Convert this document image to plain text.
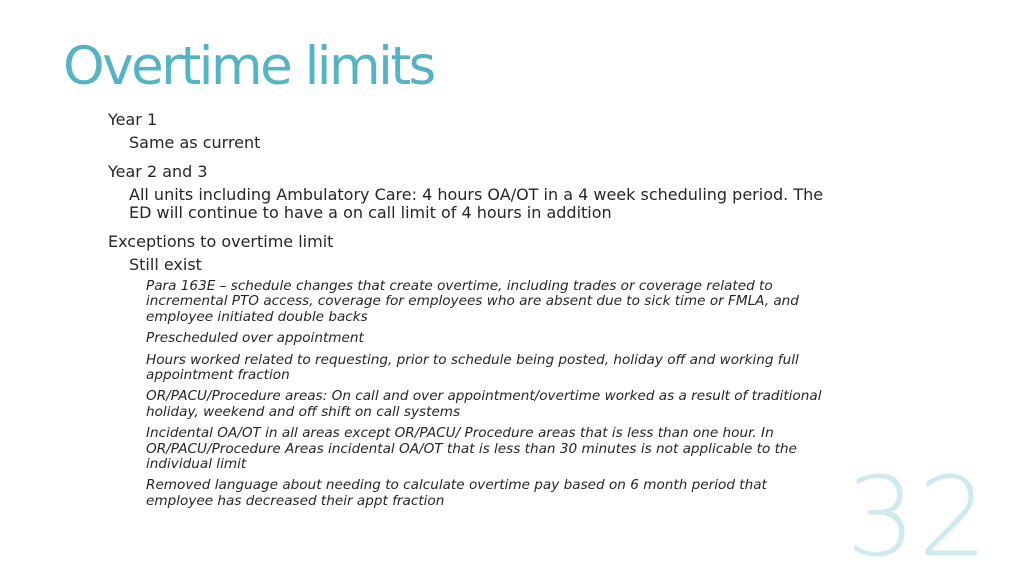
Overtime limits

Year 1

Same as current

Year 2 and 3

All units including Ambulatory Care: 4 hours OA/OT in a 4 week scheduling period. The ED will continue to have a on call limit of 4 hours in addition

Exceptions to overtime limit

Still exist

Para 163E – schedule changes that create overtime, including trades or coverage related to incremental PTO access, coverage for employees who are absent due to sick time or FMLA, and employee initiated double backs

Prescheduled over appointment

Hours worked related to requesting, prior to schedule being posted, holiday off and working full appointment fraction

OR/PACU/Procedure areas: On call and over appointment/overtime worked as a result of traditional holiday, weekend and off shift on call systems

Incidental OA/OT in all areas except OR/PACU/ Procedure areas that is less than one hour. In OR/PACU/Procedure Areas incidental OA/OT that is less than 30 minutes is not applicable to the individual limit

Removed language about needing to calculate overtime pay based on 6 month period that employee has decreased their appt fraction	32
